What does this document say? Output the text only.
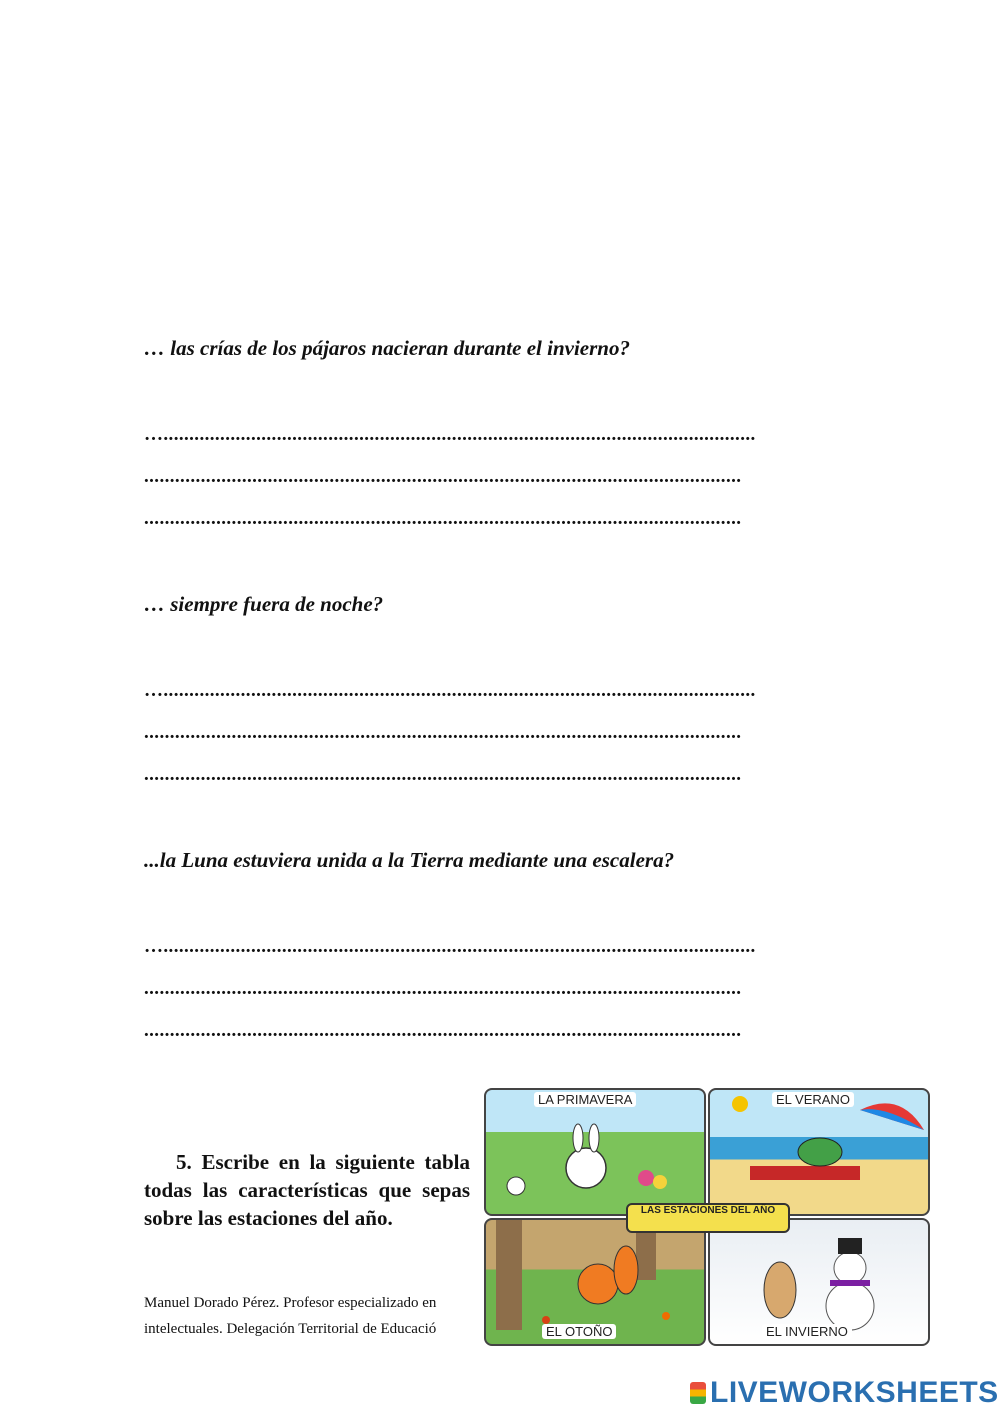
… las crías de los pájaros nacieran durante el invierno?
…...................................................................................................................
....................................................................................................................
....................................................................................................................
… siempre fuera de noche?
…...................................................................................................................
....................................................................................................................
....................................................................................................................
...la Luna estuviera unida a la Tierra mediante una escalera?
…...................................................................................................................
....................................................................................................................
....................................................................................................................
5. Escribe en la siguiente tabla todas las características que sepas sobre las estaciones del año.
Manuel Dorado Pérez. Profesor especializado en
intelectuales. Delegación Territorial de Educació
LA PRIMAVERA	EL VERANO
EL OTOÑO	EL INVIERNO
LAS ESTACIONES DEL AÑO
LIVEWORKSHEETS
